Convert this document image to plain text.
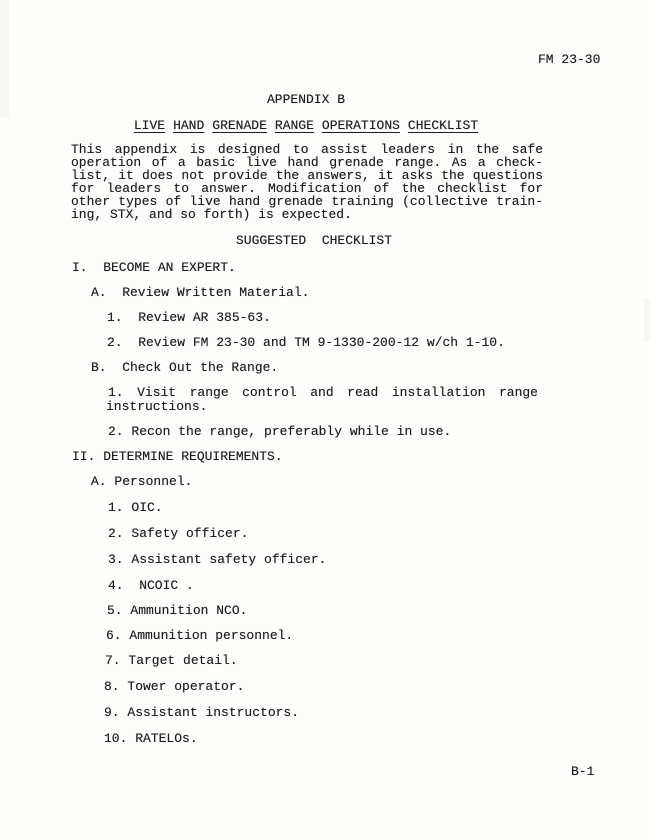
FM 23-30
APPENDIX B
LIVE HAND GRENADE RANGE OPERATIONS CHECKLIST
This appendix is designed to assist leaders in the safe
operation of a basic live hand grenade range. As a check-
list, it does not provide the answers, it asks the questions
for leaders to answer. Modification of the checklist for
other types of live hand grenade training (collective train-
ing, STX, and so forth) is expected.
SUGGESTED  CHECKLIST
I.  BECOME AN EXPERT.
A.  Review Written Material.
1.  Review AR 385-63.
2.  Review FM 23-30 and TM 9-1330-200-12 w/ch 1-10.
B.  Check Out the Range.
1. Visit range control and read installation range
instructions.
2. Recon the range, preferably while in use.
II. DETERMINE REQUIREMENTS.
A. Personnel.
1. OIC.
2. Safety officer.
3. Assistant safety officer.
4.  NCOIC .
5. Ammunition NCO.
6. Ammunition personnel.
7. Target detail.
8. Tower operator.
9. Assistant instructors.
10. RATELOs.
B-1
